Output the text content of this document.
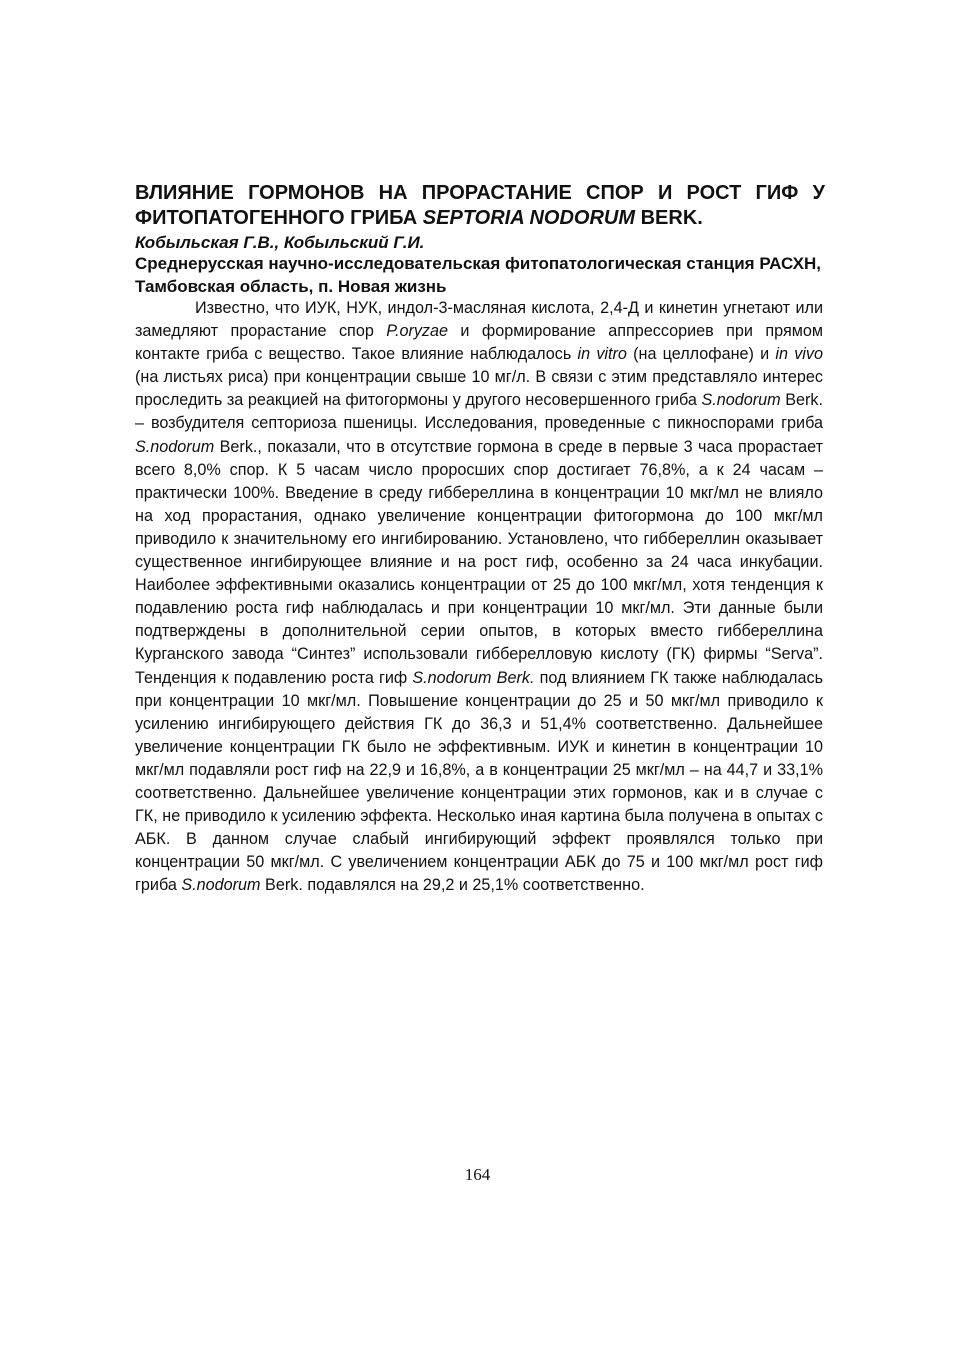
ВЛИЯНИЕ ГОРМОНОВ НА ПРОРАСТАНИЕ СПОР И РОСТ ГИФ У ФИТОПАТОГЕННОГО ГРИБА SEPTORIA NODORUM BERK.

Кобыльская Г.В., Кобыльский Г.И.

Среднерусская научно-исследовательская фитопатологическая станция РАСХН, Тамбовская область, п. Новая жизнь

Известно, что ИУК, НУК, индол-3-масляная кислота, 2,4-Д и кинетин угнетают или замедляют прорастание спор P.oryzae и формирование аппрессориев при прямом контакте гриба с вещество. Такое влияние наблюдалось in vitro (на целлофане) и in vivo (на листьях риса) при концентрации свыше 10 мг/л. В связи с этим представляло интерес проследить за реакцией на фитогормоны у другого несовершенного гриба S.nodorum Berk. – возбудителя септориоза пшеницы. Исследования, проведенные с пикноспорами гриба S.nodorum Berk., показали, что в отсутствие гормона в среде в первые 3 часа прорастает всего 8,0% спор. К 5 часам число проросших спор достигает 76,8%, а к 24 часам – практически 100%. Введение в среду гиббереллина в концентрации 10 мкг/мл не влияло на ход прорастания, однако увеличение концентрации фитогормона до 100 мкг/мл приводило к значительному его ингибированию. Установлено, что гиббереллин оказывает существенное ингибирующее влияние и на рост гиф, особенно за 24 часа инкубации. Наиболее эффективными оказались концентрации от 25 до 100 мкг/мл, хотя тенденция к подавлению роста гиф наблюдалась и при концентрации 10 мкг/мл. Эти данные были подтверждены в дополнительной серии опытов, в которых вместо гиббереллина Курганского завода “Синтез” использовали гибберелловую кислоту (ГК) фирмы “Serva”. Тенденция к подавлению роста гиф S.nodorum Berk. под влиянием ГК также наблюдалась при концентрации 10 мкг/мл. Повышение концентрации до 25 и 50 мкг/мл приводило к усилению ингибирующего действия ГК до 36,3 и 51,4% соответственно. Дальнейшее увеличение концентрации ГК было не эффективным. ИУК и кинетин в концентрации 10 мкг/мл подавляли рост гиф на 22,9 и 16,8%, а в концентрации 25 мкг/мл – на 44,7 и 33,1% соответственно. Дальнейшее увеличение концентрации этих гормонов, как и в случае с ГК, не приводило к усилению эффекта. Несколько иная картина была получена в опытах с АБК. В данном случае слабый ингибирующий эффект проявлялся только при концентрации 50 мкг/мл. С увеличением концентрации АБК до 75 и 100 мкг/мл рост гиф гриба S.nodorum Berk. подавлялся на 29,2 и 25,1% соответственно.

164
